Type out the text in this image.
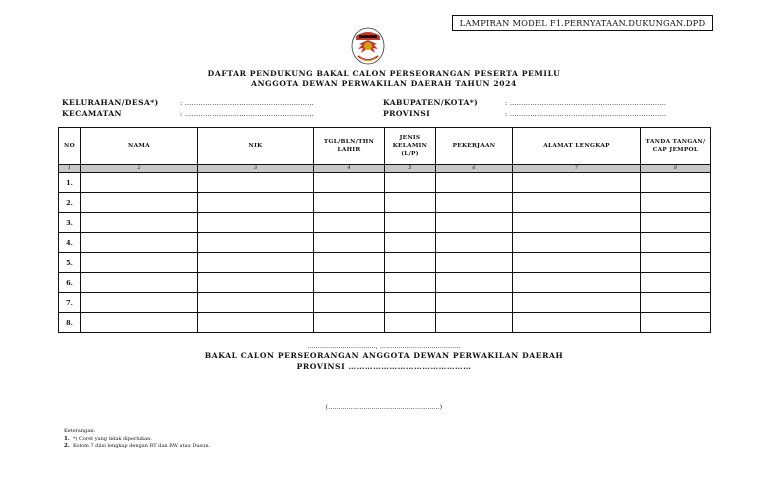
LAMPIRAN MODEL F1.PERNYATAAN.DUKUNGAN.DPD
DAFTAR PENDUKUNG BAKAL CALON PERSEORANGAN PESERTA PEMILU
ANGGOTA DEWAN PERWAKILAN DAERAH TAHUN 2024
KELURAHAN/DESA*)	: …………………………………………………
KECAMATAN	: …………………………………………………
KABUPATEN/KOTA*)	: ……………………………………………………………
PROVINSI	: ……………………………………………………………
NO	NAMA	NIK	TGL/BLN/THN LAHIR	JENIS KELAMIN (L/P)	PEKERJAAN	ALAMAT LENGKAP	TANDA TANGAN/ CAP JEMPOL
1	2	3	4	5	6	7	8
1.							
2.							
3.							
4.							
5.							
6.							
7.							
8.							
……………………………, …………………………………
BAKAL CALON PERSEORANGAN ANGGOTA DEWAN PERWAKILAN DAERAH
PROVINSI ………………………………………
(………………………………………………)
Keterangan:
1. *) Coret yang tidak diperlukan.
2. Kolom 7 diisi lengkap dengan RT dan RW atau Dusun.
